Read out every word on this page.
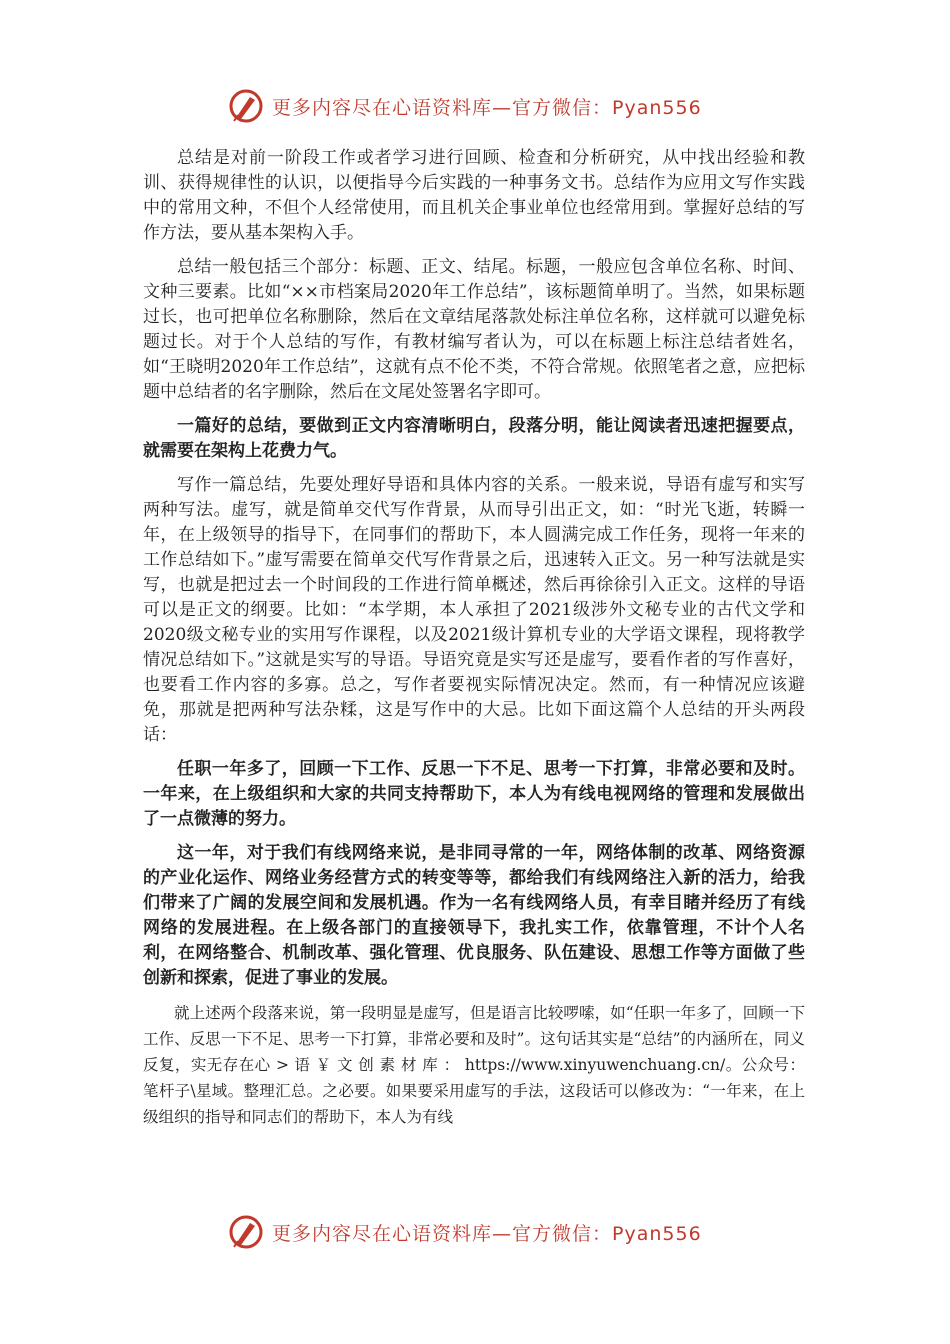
更多内容尽在心语资料库—官方微信：Pyan556

总结是对前一阶段工作或者学习进行回顾、检查和分析研究，从中找出经验和教训、获得规律性的认识，以便指导今后实践的一种事务文书。总结作为应用文写作实践中的常用文种，不但个人经常使用，而且机关企事业单位也经常用到。掌握好总结的写作方法，要从基本架构入手。

总结一般包括三个部分：标题、正文、结尾。标题，一般应包含单位名称、时间、文种三要素。比如“××市档案局2020年工作总结”，该标题简单明了。当然，如果标题过长，也可把单位名称删除，然后在文章结尾落款处标注单位名称，这样就可以避免标题过长。对于个人总结的写作，有教材编写者认为，可以在标题上标注总结者姓名，如“王晓明2020年工作总结”，这就有点不伦不类，不符合常规。依照笔者之意，应把标题中总结者的名字删除，然后在文尾处签署名字即可。

一篇好的总结，要做到正文内容清晰明白，段落分明，能让阅读者迅速把握要点，就需要在架构上花费力气。

写作一篇总结，先要处理好导语和具体内容的关系。一般来说，导语有虚写和实写两种写法。虚写，就是简单交代写作背景，从而导引出正文，如：“时光飞逝，转瞬一年，在上级领导的指导下，在同事们的帮助下，本人圆满完成工作任务，现将一年来的工作总结如下。”虚写需要在简单交代写作背景之后，迅速转入正文。另一种写法就是实写，也就是把过去一个时间段的工作进行简单概述，然后再徐徐引入正文。这样的导语可以是正文的纲要。比如：“本学期，本人承担了2021级涉外文秘专业的古代文学和2020级文秘专业的实用写作课程，以及2021级计算机专业的大学语文课程，现将教学情况总结如下。”这就是实写的导语。导语究竟是实写还是虚写，要看作者的写作喜好，也要看工作内容的多寡。总之，写作者要视实际情况决定。然而，有一种情况应该避免，那就是把两种写法杂糅，这是写作中的大忌。比如下面这篇个人总结的开头两段话：

任职一年多了，回顾一下工作、反思一下不足、思考一下打算，非常必要和及时。一年来，在上级组织和大家的共同支持帮助下，本人为有线电视网络的管理和发展做出了一点微薄的努力。

这一年，对于我们有线网络来说，是非同寻常的一年，网络体制的改革、网络资源的产业化运作、网络业务经营方式的转变等等，都给我们有线网络注入新的活力，给我们带来了广阔的发展空间和发展机遇。作为一名有线网络人员，有幸目睹并经历了有线网络的发展进程。在上级各部门的直接领导下，我扎实工作，依靠管理，不计个人名利，在网络整合、机制改革、强化管理、优良服务、队伍建设、思想工作等方面做了些创新和探索，促进了事业的发展。

就上述两个段落来说，第一段明显是虚写，但是语言比较啰嗦，如“任职一年多了，回顾一下工作、反思一下不足、思考一下打算，非常必要和及时”。这句话其实是“总结”的内涵所在，同义反复，实无存在心 > 语 ￥ 文 创 素 材 库 ： https://www.xinyuwenchuang.cn/。公众号：笔杆子\星域。整理汇总。之必要。如果要采用虚写的手法，这段话可以修改为：“一年来，在上级组织的指导和同志们的帮助下，本人为有线

更多内容尽在心语资料库—官方微信：Pyan556
